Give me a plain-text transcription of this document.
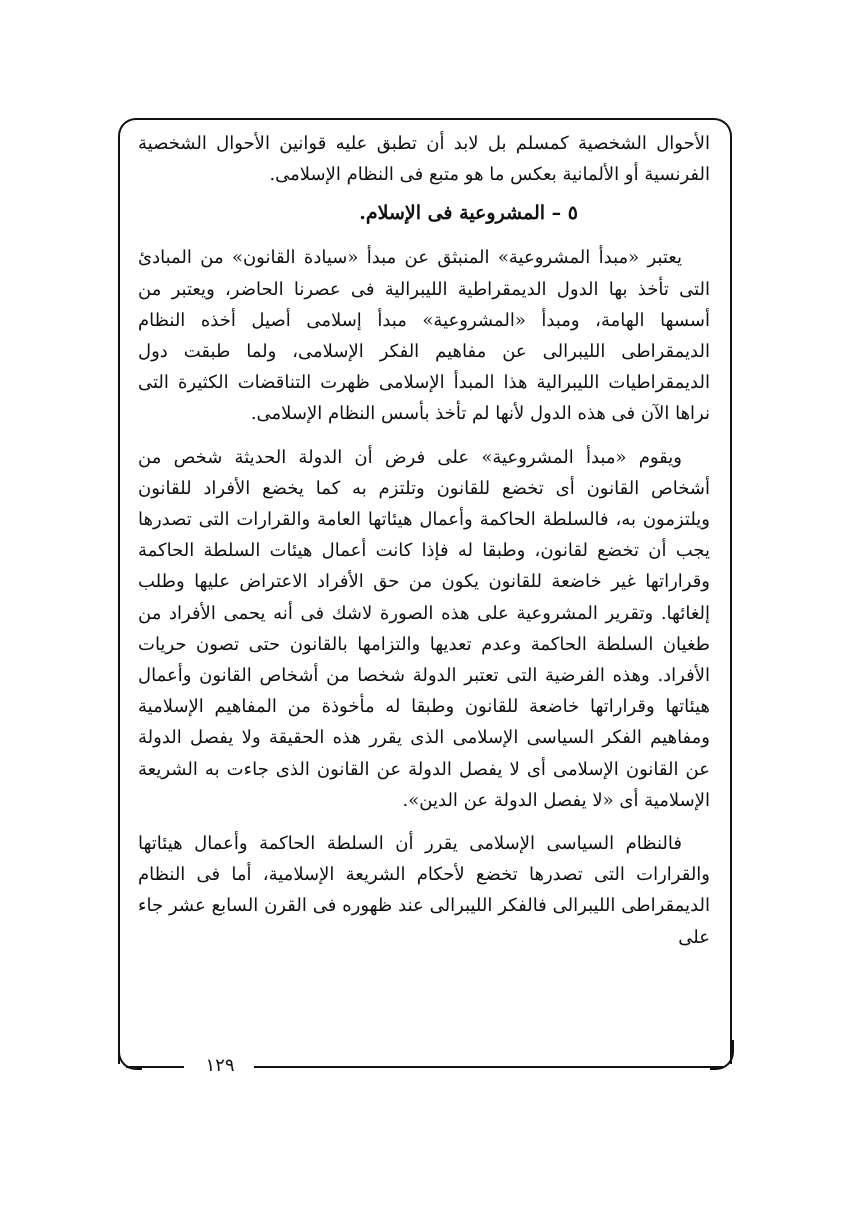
الأحوال الشخصية كمسلم بل لابد أن تطبق عليه قوانين الأحوال الشخصية الفرنسية أو الألمانية بعكس ما هو متبع فى النظام الإسلامى.

٥ – المشروعية فى الإسلام.

يعتبر «مبدأ المشروعية» المنبثق عن مبدأ «سيادة القانون» من المبادئ التى تأخذ بها الدول الديمقراطية الليبرالية فى عصرنا الحاضر، ويعتبر من أسسها الهامة، ومبدأ «المشروعية» مبدأ إسلامى أصيل أخذه النظام الديمقراطى الليبرالى عن مفاهيم الفكر الإسلامى، ولما طبقت دول الديمقراطيات الليبرالية هذا المبدأ الإسلامى ظهرت التناقضات الكثيرة التى نراها الآن فى هذه الدول لأنها لم تأخذ بأسس النظام الإسلامى.

ويقوم «مبدأ المشروعية» على فرض أن الدولة الحديثة شخص من أشخاص القانون أى تخضع للقانون وتلتزم به كما يخضع الأفراد للقانون ويلتزمون به، فالسلطة الحاكمة وأعمال هيئاتها العامة والقرارات التى تصدرها يجب أن تخضع لقانون، وطبقا له فإذا كانت أعمال هيئات السلطة الحاكمة وقراراتها غير خاضعة للقانون يكون من حق الأفراد الاعتراض عليها وطلب إلغائها. وتقرير المشروعية على هذه الصورة لاشك فى أنه يحمى الأفراد من طغيان السلطة الحاكمة وعدم تعديها والتزامها بالقانون حتى تصون حريات الأفراد. وهذه الفرضية التى تعتبر الدولة شخصا من أشخاص القانون وأعمال هيئاتها وقراراتها خاضعة للقانون وطبقا له مأخوذة من المفاهيم الإسلامية ومفاهيم الفكر السياسى الإسلامى الذى يقرر هذه الحقيقة ولا يفصل الدولة عن القانون الإسلامى أى لا يفصل الدولة عن القانون الذى جاءت به الشريعة الإسلامية أى «لا يفصل الدولة عن الدين».

فالنظام السياسى الإسلامى يقرر أن السلطة الحاكمة وأعمال هيئاتها والقرارات التى تصدرها تخضع لأحكام الشريعة الإسلامية، أما فى النظام الديمقراطى الليبرالى فالفكر الليبرالى عند ظهوره فى القرن السابع عشر جاء على

١٢٩
